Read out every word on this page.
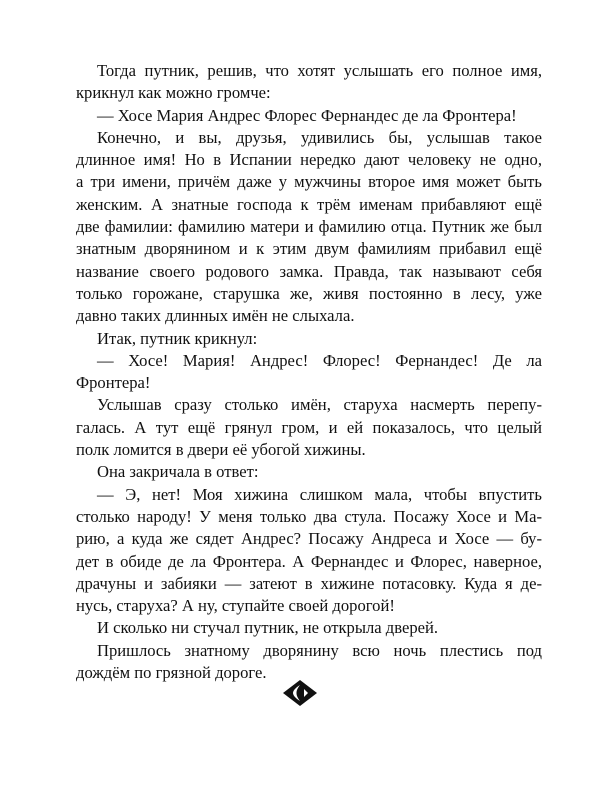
Тогда путник, решив, что хотят услышать его полное имя,
крикнул как можно громче:
— Хосе Мария Андрес Флорес Фернандес де ла Фронтера!
Конечно, и вы, друзья, удивились бы, услышав такое
длинное имя! Но в Испании нередко дают человеку не одно,
а три имени, причём даже у мужчины второе имя может быть
женским. А знатные господа к трём именам прибавляют ещё
две фамилии: фамилию матери и фамилию отца. Путник же был
знатным дворянином и к этим двум фамилиям прибавил ещё
название своего родового замка. Правда, так называют себя
только горожане, старушка же, живя постоянно в лесу, уже
давно таких длинных имён не слыхала.
Итак, путник крикнул:
— Хосе! Мария! Андрес! Флорес! Фернандес! Де ла
Фронтера!
Услышав сразу столько имён, старуха насмерть перепу-
галась. А тут ещё грянул гром, и ей показалось, что целый
полк ломится в двери её убогой хижины.
Она закричала в ответ:
— Э, нет! Моя хижина слишком мала, чтобы впустить
столько народу! У меня только два стула. Посажу Хосе и Ма-
рию, а куда же сядет Андрес? Посажу Андреса и Хосе — бу-
дет в обиде де ла Фронтера. А Фернандес и Флорес, наверное,
драчуны и забияки — затеют в хижине потасовку. Куда я де-
нусь, старуха? А ну, ступайте своей дорогой!
И сколько ни стучал путник, не открыла дверей.
Пришлось знатному дворянину всю ночь плестись под
дождём по грязной дороге.
